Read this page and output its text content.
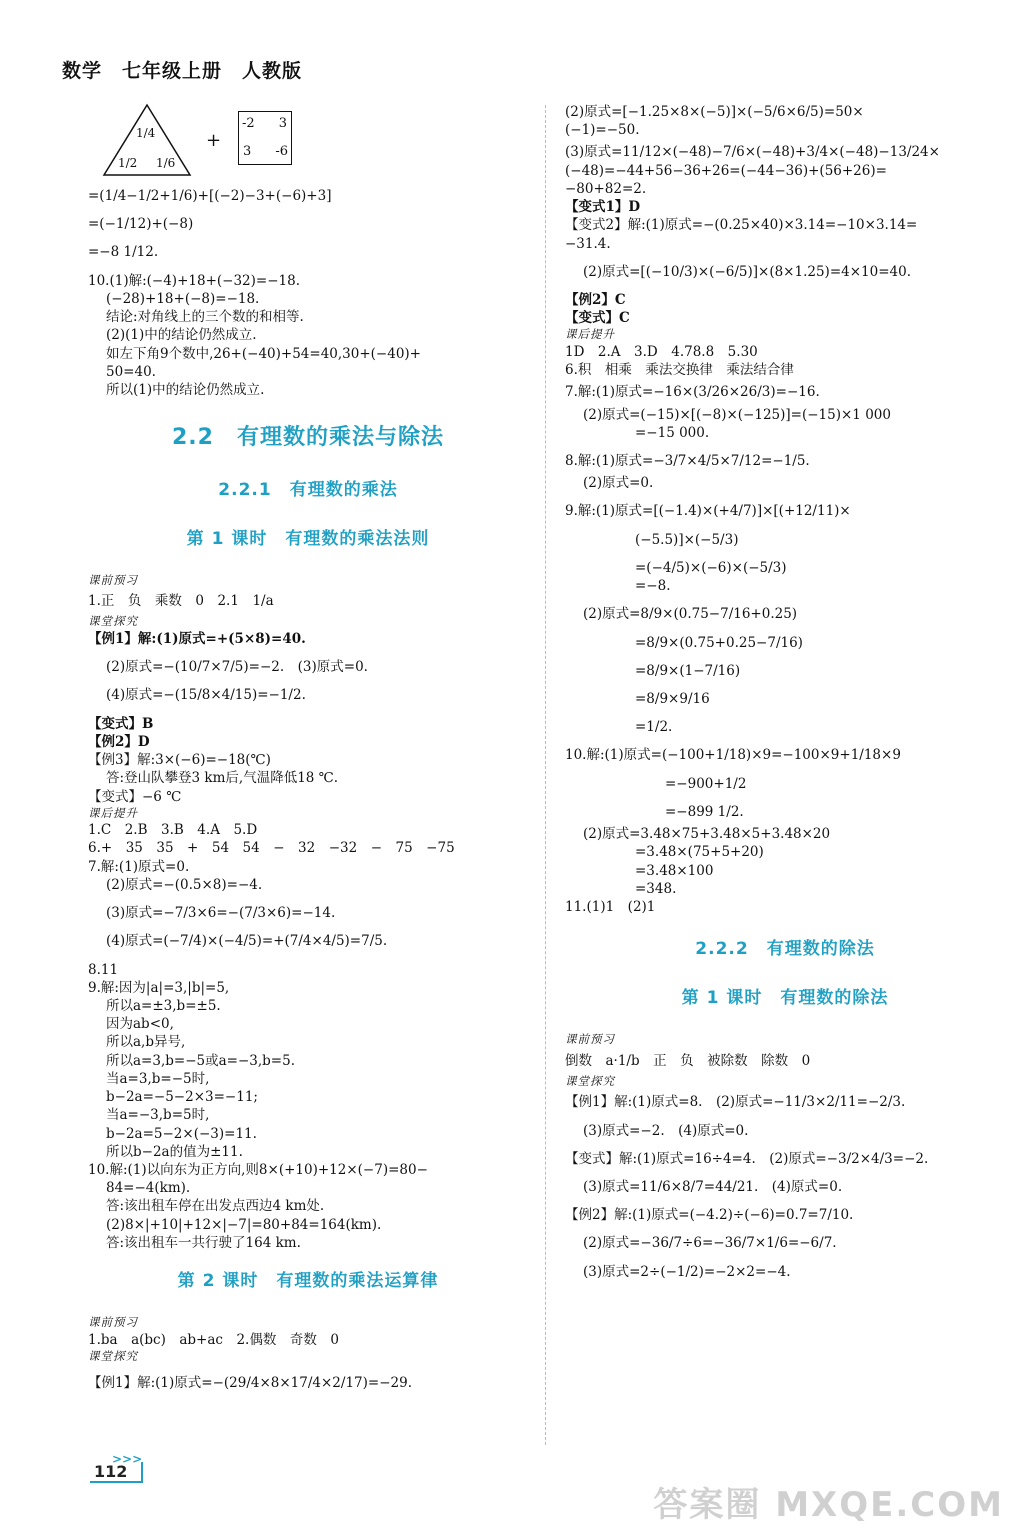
数学　七年级上册　人教版
1/4
1/2 1/6
+
-2 3
3 -6
=(1/4−1/2+1/6)+[(−2)−3+(−6)+3]
=(−1/12)+(−8)
=−8 1/12.
10.(1)解:(−4)+18+(−32)=−18.
(−28)+18+(−8)=−18.
结论:对角线上的三个数的和相等.
(2)(1)中的结论仍然成立.
如左下角9个数中,26+(−40)+54=40,30+(−40)+
50=40.
所以(1)中的结论仍然成立.
2.2　有理数的乘法与除法
2.2.1　有理数的乘法
第 1 课时　有理数的乘法法则
课前预习
1.正　负　乘数　0　2.1　1/a
课堂探究
【例1】解:(1)原式=+(5×8)=40.
(2)原式=−(10/7×7/5)=−2.　(3)原式=0.
(4)原式=−(15/8×4/15)=−1/2.
【变式】B
【例2】D
【例3】解:3×(−6)=−18(℃)
答:登山队攀登3 km后,气温降低18 ℃.
【变式】−6 ℃
课后提升
1.C　2.B　3.B　4.A　5.D
6.+　35　35　+　54　54　−　32　−32　−　75　−75
7.解:(1)原式=0.
(2)原式=−(0.5×8)=−4.
(3)原式=−7/3×6=−(7/3×6)=−14.
(4)原式=(−7/4)×(−4/5)=+(7/4×4/5)=7/5.
8.11
9.解:因为|a|=3,|b|=5,
所以a=±3,b=±5.
因为ab<0,
所以a,b异号,
所以a=3,b=−5或a=−3,b=5.
当a=3,b=−5时,
b−2a=−5−2×3=−11;
当a=−3,b=5时,
b−2a=5−2×(−3)=11.
所以b−2a的值为±11.
10.解:(1)以向东为正方向,则8×(+10)+12×(−7)=80−
84=−4(km).
答:该出租车停在出发点西边4 km处.
(2)8×|+10|+12×|−7|=80+84=164(km).
答:该出租车一共行驶了164 km.
第 2 课时　有理数的乘法运算律
课前预习
1.ba　a(bc)　ab+ac　2.偶数　奇数　0
课堂探究
【例1】解:(1)原式=−(29/4×8×17/4×2/17)=−29.
(2)原式=[−1.25×8×(−5)]×(−5/6×6/5)=50×
(−1)=−50.
(3)原式=11/12×(−48)−7/6×(−48)+3/4×(−48)−13/24×
(−48)=−44+56−36+26=(−44−36)+(56+26)=
−80+82=2.
【变式1】D
【变式2】解:(1)原式=−(0.25×40)×3.14=−10×3.14=
−31.4.
(2)原式=[(−10/3)×(−6/5)]×(8×1.25)=4×10=40.
【例2】C
【变式】C
课后提升
1D　2.A　3.D　4.78.8　5.30
6.积　相乘　乘法交换律　乘法结合律
7.解:(1)原式=−16×(3/26×26/3)=−16.
(2)原式=(−15)×[(−8)×(−125)]=(−15)×1 000
=−15 000.
8.解:(1)原式=−3/7×4/5×7/12=−1/5.
(2)原式=0.
9.解:(1)原式=[(−1.4)×(+4/7)]×[(+12/11)×
(−5.5)]×(−5/3)
=(−4/5)×(−6)×(−5/3)
=−8.
(2)原式=8/9×(0.75−7/16+0.25)
=8/9×(0.75+0.25−7/16)
=8/9×(1−7/16)
=8/9×9/16
=1/2.
10.解:(1)原式=(−100+1/18)×9=−100×9+1/18×9
=−900+1/2
=−899 1/2.
(2)原式=3.48×75+3.48×5+3.48×20
=3.48×(75+5+20)
=3.48×100
=348.
11.(1)1　(2)1
2.2.2　有理数的除法
第 1 课时　有理数的除法
课前预习
倒数　a·1/b　正　负　被除数　除数　0
课堂探究
【例1】解:(1)原式=8.　(2)原式=−11/3×2/11=−2/3.
(3)原式=−2.　(4)原式=0.
【变式】解:(1)原式=16÷4=4.　(2)原式=−3/2×4/3=−2.
(3)原式=11/6×8/7=44/21.　(4)原式=0.
【例2】解:(1)原式=(−4.2)÷(−6)=0.7=7/10.
(2)原式=−36/7÷6=−36/7×1/6=−6/7.
(3)原式=2÷(−1/2)=−2×2=−4.
>>>
112
答案圈 MXQE.COM
